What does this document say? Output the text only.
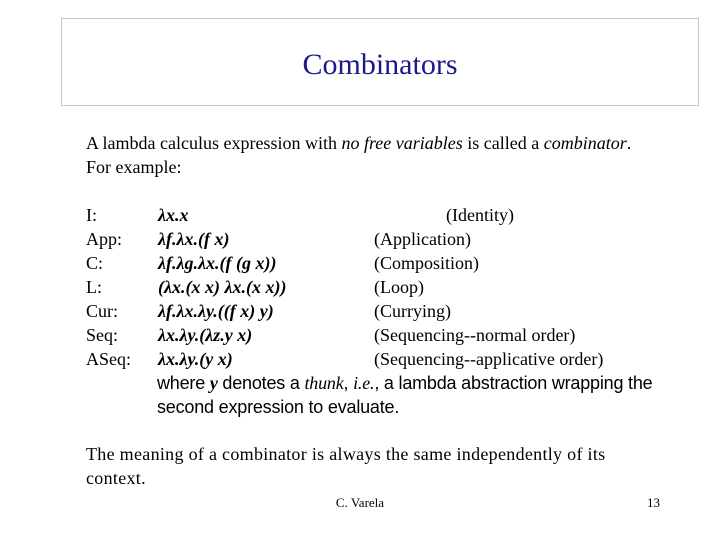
Combinators
A lambda calculus expression with no free variables is called a combinator. For example:
I:	λx.x	(Identity)
App: λf.λx.(f x)	(Application)
C:	λf.λg.λx.(f (g x))	(Composition)
L:	(λx.(x x) λx.(x x))	(Loop)
Cur: λf.λx.λy.((f x) y)	(Currying)
Seq: λx.λy.(λz.y x)	(Sequencing--normal order)
ASeq: λx.λy.(y x)	(Sequencing--applicative order)
where y denotes a thunk, i.e., a lambda abstraction wrapping the second expression to evaluate.
The meaning of a combinator is always the same independently of its context.
C. Varela	13
